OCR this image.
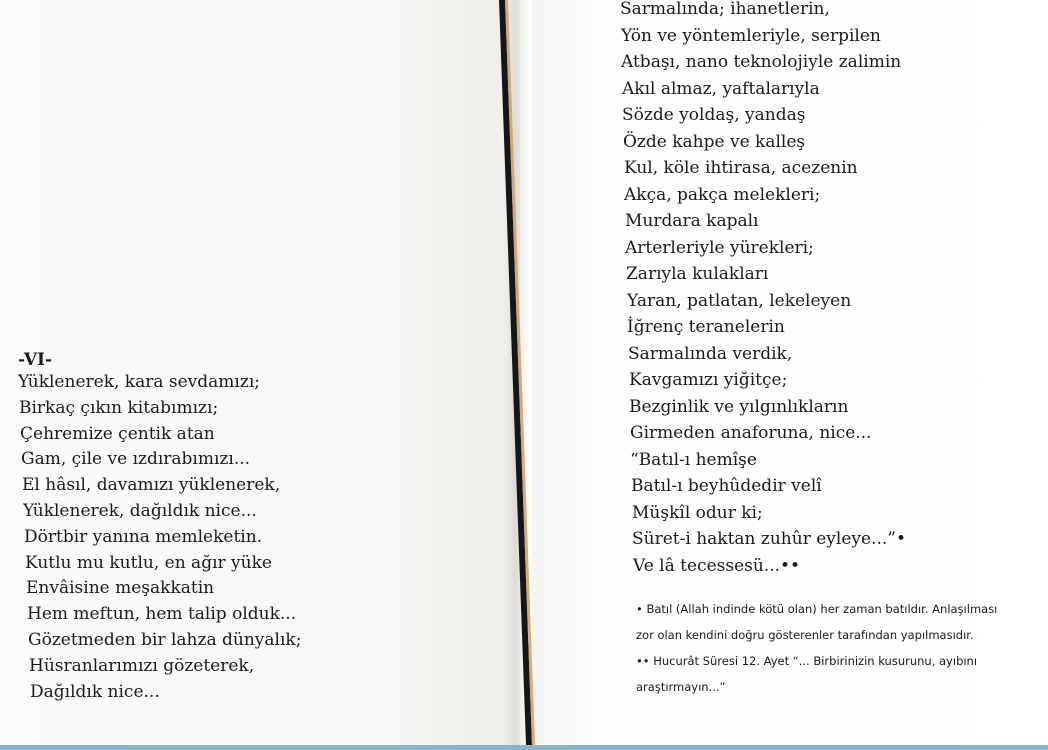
-VI-
Yüklenerek, kara sevdamızı;
Birkaç çıkın kitabımızı;
Çehremize çentik atan
Gam, çile ve ızdırabımızı...
El hâsıl, davamızı yüklenerek,
Yüklenerek, dağıldık nice...
Dörtbir yanına memleketin.
Kutlu mu kutlu, en ağır yüke
Envâisine meşakkatin
Hem meftun, hem talip olduk...
Gözetmeden bir lahza dünyalık;
Hüsranlarımızı gözeterek,
Dağıldık nice...
Sarmalında; ihanetlerin,
Yön ve yöntemleriyle, serpilen
Atbaşı, nano teknolojiyle zalimin
Akıl almaz, yaftalarıyla
Sözde yoldaş, yandaş
Özde kahpe ve kalleş
Kul, köle ihtirasa, acezenin
Akça, pakça melekleri;
Murdara kapalı
Arterleriyle yürekleri;
Zarıyla kulakları
Yaran, patlatan, lekeleyen
İğrenç teranelerin
Sarmalında verdik,
Kavgamızı yiğitçe;
Bezginlik ve yılgınlıkların
Girmeden anaforuna, nice...
“Batıl-ı hemîşe
Batıl-ı beyhûdedir velî
Müşkîl odur ki;
Süret-i haktan zuhûr eyleye...”•
Ve lâ tecessesü...••
• Batıl (Allah indinde kötü olan) her zaman batıldır. Anlaşılması
zor olan kendini doğru gösterenler tarafından yapılmasıdır.
•• Hucurât Süresi 12. Ayet “... Birbirinizin kusurunu, ayıbını
araştırmayın...”
